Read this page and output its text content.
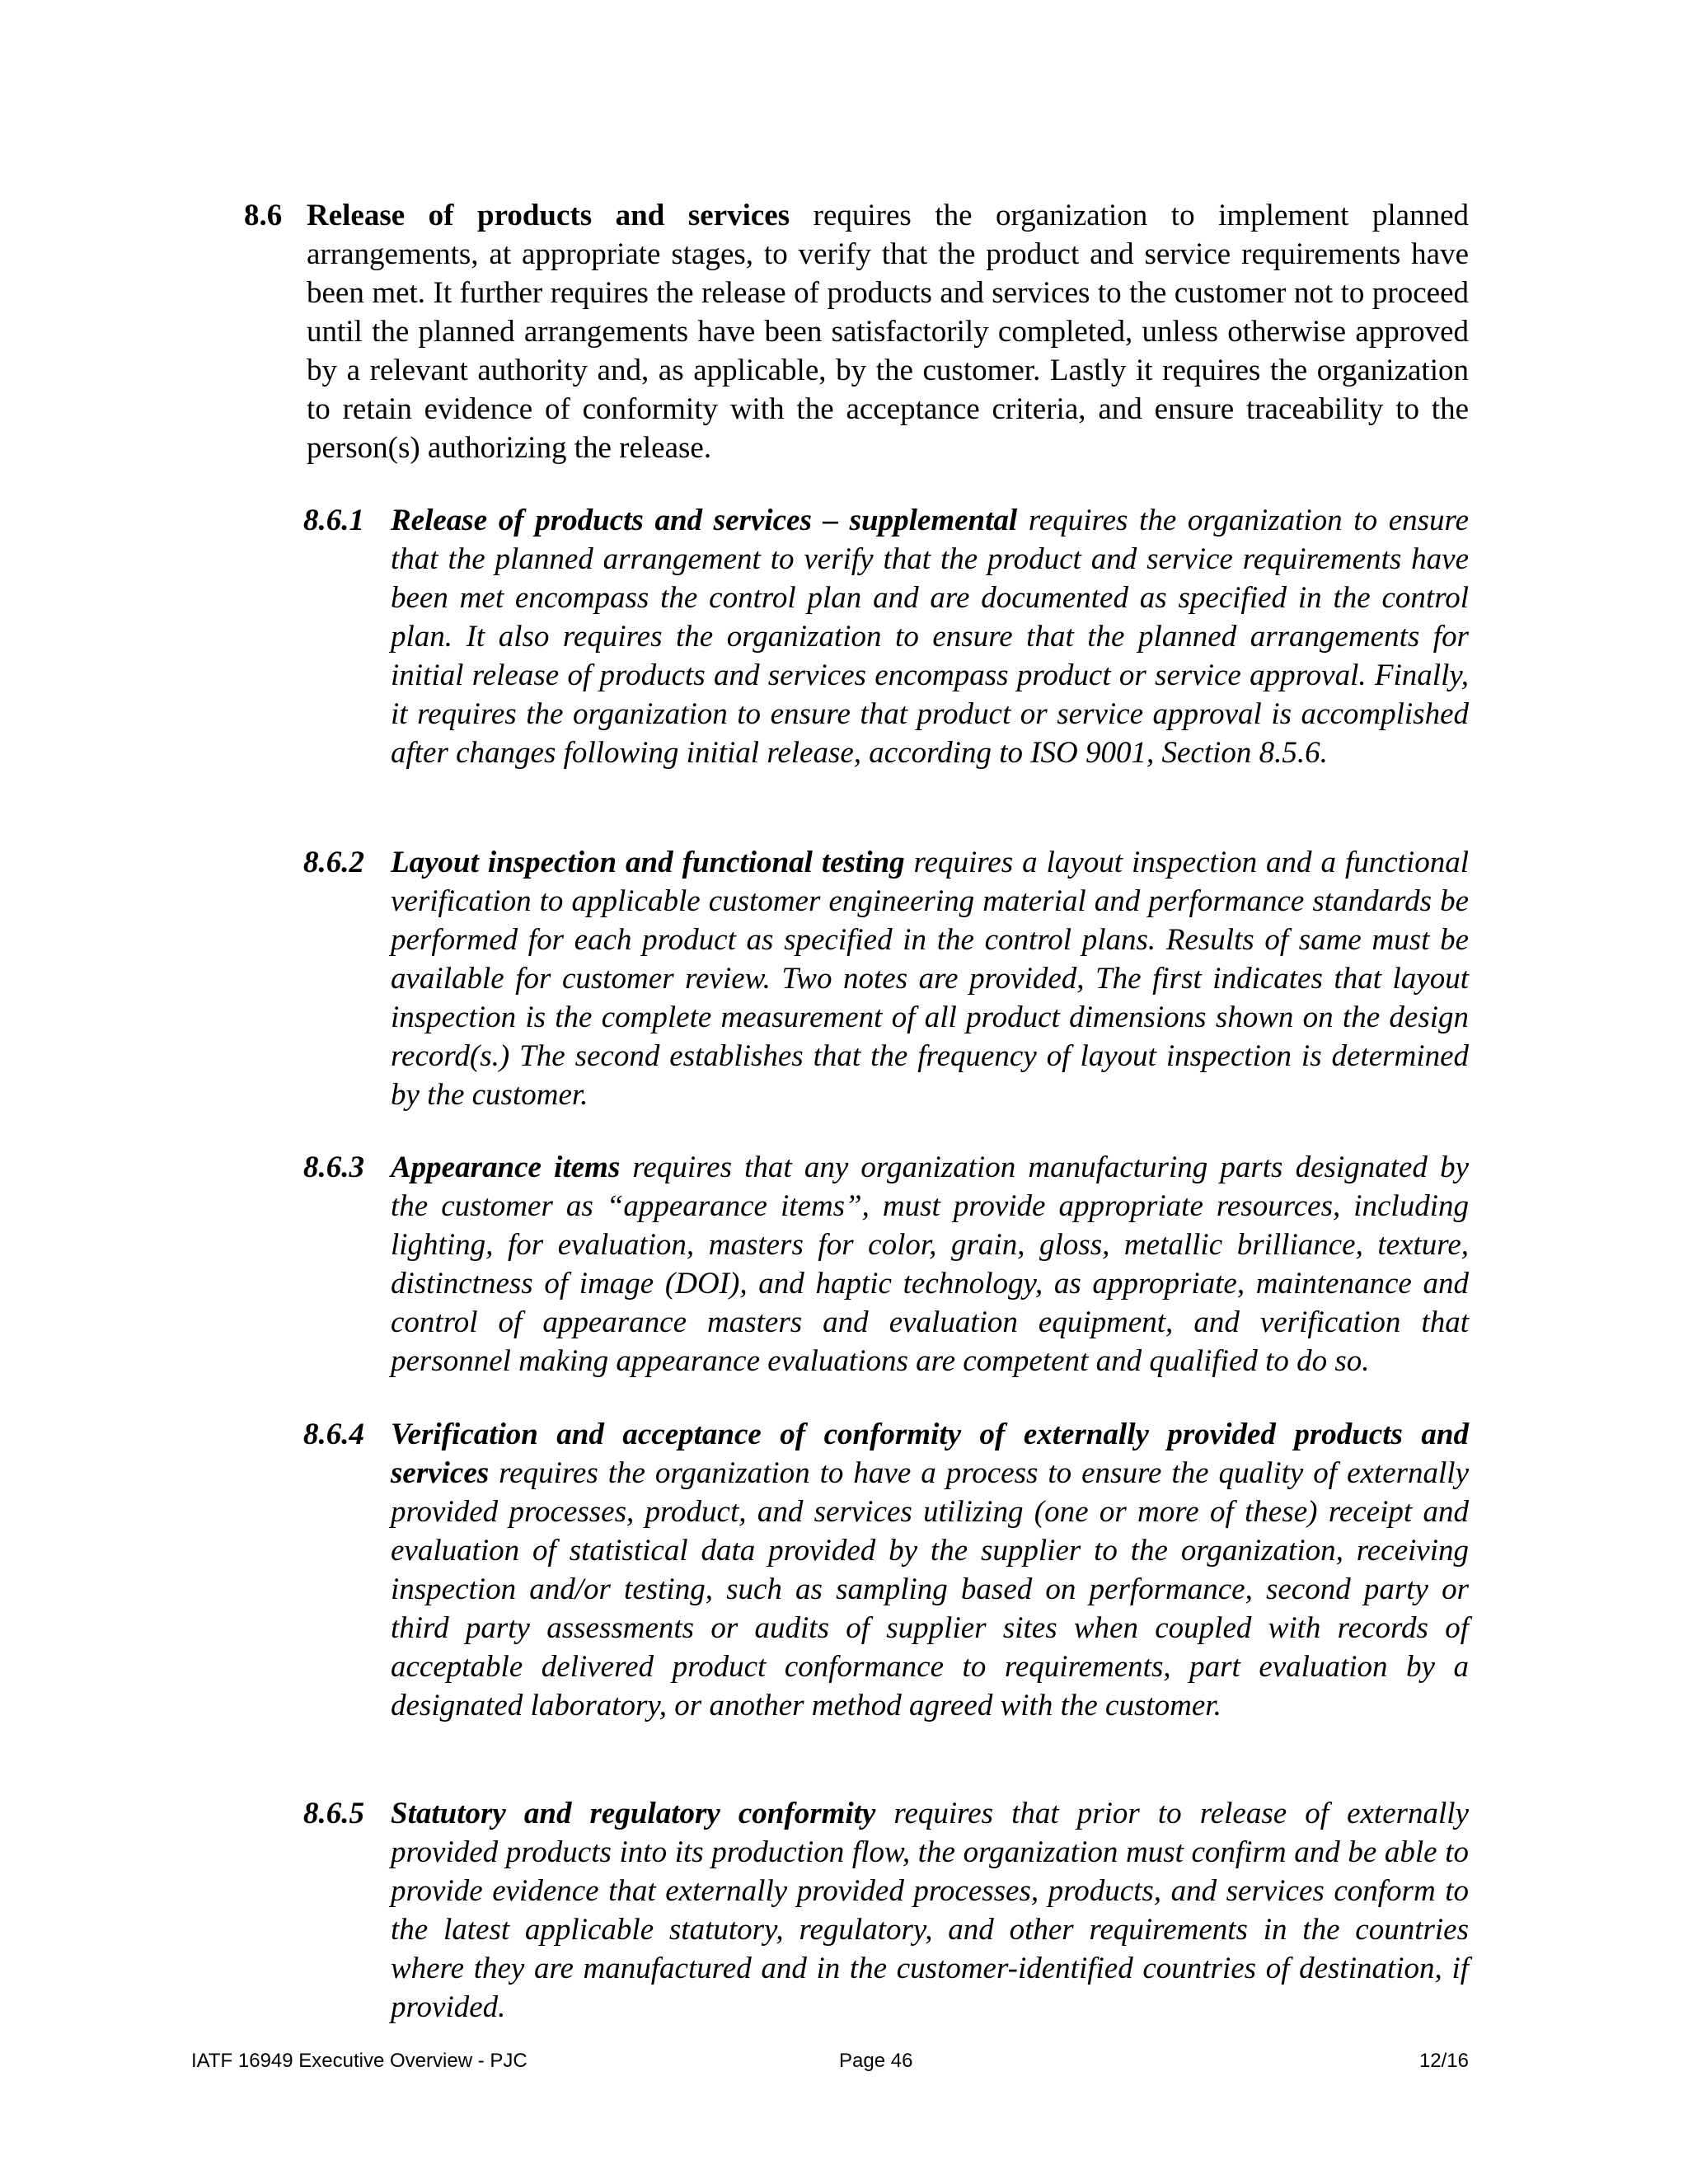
8.6 Release of products and services requires the organization to implement planned arrangements, at appropriate stages, to verify that the product and service requirements have been met. It further requires the release of products and services to the customer not to proceed until the planned arrangements have been satisfactorily completed, unless otherwise approved by a relevant authority and, as applicable, by the customer. Lastly it requires the organization to retain evidence of conformity with the acceptance criteria, and ensure traceability to the person(s) authorizing the release.
8.6.1 Release of products and services – supplemental requires the organization to ensure that the planned arrangement to verify that the product and service requirements have been met encompass the control plan and are documented as specified in the control plan. It also requires the organization to ensure that the planned arrangements for initial release of products and services encompass product or service approval. Finally, it requires the organization to ensure that product or service approval is accomplished after changes following initial release, according to ISO 9001, Section 8.5.6.
8.6.2 Layout inspection and functional testing requires a layout inspection and a functional verification to applicable customer engineering material and performance standards be performed for each product as specified in the control plans. Results of same must be available for customer review. Two notes are provided, The first indicates that layout inspection is the complete measurement of all product dimensions shown on the design record(s.) The second establishes that the frequency of layout inspection is determined by the customer.
8.6.3 Appearance items requires that any organization manufacturing parts designated by the customer as “appearance items”, must provide appropriate resources, including lighting, for evaluation, masters for color, grain, gloss, metallic brilliance, texture, distinctness of image (DOI), and haptic technology, as appropriate, maintenance and control of appearance masters and evaluation equipment, and verification that personnel making appearance evaluations are competent and qualified to do so.
8.6.4 Verification and acceptance of conformity of externally provided products and services requires the organization to have a process to ensure the quality of externally provided processes, product, and services utilizing (one or more of these) receipt and evaluation of statistical data provided by the supplier to the organization, receiving inspection and/or testing, such as sampling based on performance, second party or third party assessments or audits of supplier sites when coupled with records of acceptable delivered product conformance to requirements, part evaluation by a designated laboratory, or another method agreed with the customer.
8.6.5 Statutory and regulatory conformity requires that prior to release of externally provided products into its production flow, the organization must confirm and be able to provide evidence that externally provided processes, products, and services conform to the latest applicable statutory, regulatory, and other requirements in the countries where they are manufactured and in the customer-identified countries of destination, if provided.
IATF 16949 Executive Overview - PJC	Page 46	12/16
